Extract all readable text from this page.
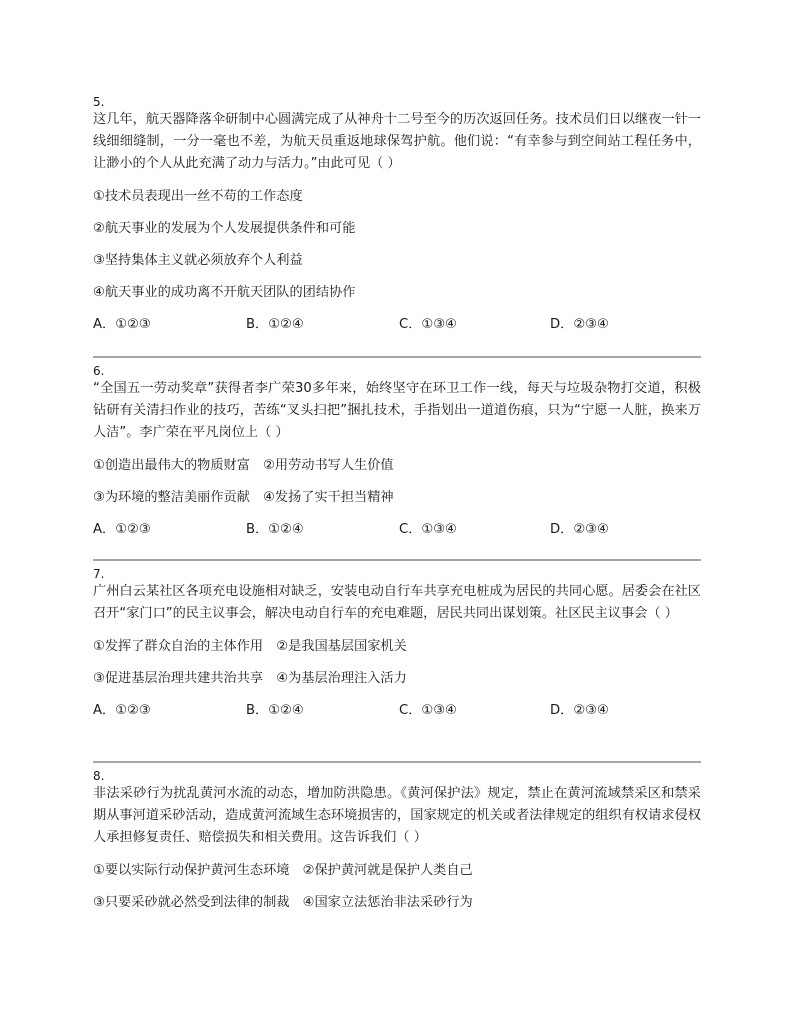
5.
这几年，航天器降落伞研制中心圆满完成了从神舟十二号至今的历次返回任务。技术员们日以继夜一针一线细细缝制，一分一毫也不差，为航天员重返地球保驾护航。他们说：“有幸参与到空间站工程任务中，让渺小的个人从此充满了动力与活力。”由此可见（ ）
①技术员表现出一丝不苟的工作态度
②航天事业的发展为个人发展提供条件和可能
③坚持集体主义就必须放弃个人利益
④航天事业的成功离不开航天团队的团结协作
A．①②③	B．①②④	C．①③④	D．②③④
6.
“全国五一劳动奖章”获得者李广荣30多年来，始终坚守在环卫工作一线，每天与垃圾杂物打交道，积极钻研有关清扫作业的技巧，苦练“叉头扫把”捆扎技术，手指划出一道道伤痕，只为“宁愿一人脏，换来万人洁”。李广荣在平凡岗位上（ ）
①创造出最伟大的物质财富　②用劳动书写人生价值
③为环境的整洁美丽作贡献　④发扬了实干担当精神
A．①②③	B．①②④	C．①③④	D．②③④
7.
广州白云某社区各项充电设施相对缺乏，安装电动自行车共享充电桩成为居民的共同心愿。居委会在社区召开“家门口”的民主议事会，解决电动自行车的充电难题，居民共同出谋划策。社区民主议事会（ ）
①发挥了群众自治的主体作用　②是我国基层国家机关
③促进基层治理共建共治共享　④为基层治理注入活力
A．①②③	B．①②④	C．①③④	D．②③④
8.
非法采砂行为扰乱黄河水流的动态，增加防洪隐患。《黄河保护法》规定，禁止在黄河流域禁采区和禁采期从事河道采砂活动，造成黄河流域生态环境损害的，国家规定的机关或者法律规定的组织有权请求侵权人承担修复责任、赔偿损失和相关费用。这告诉我们（ ）
①要以实际行动保护黄河生态环境　②保护黄河就是保护人类自己
③只要采砂就必然受到法律的制裁　④国家立法惩治非法采砂行为
